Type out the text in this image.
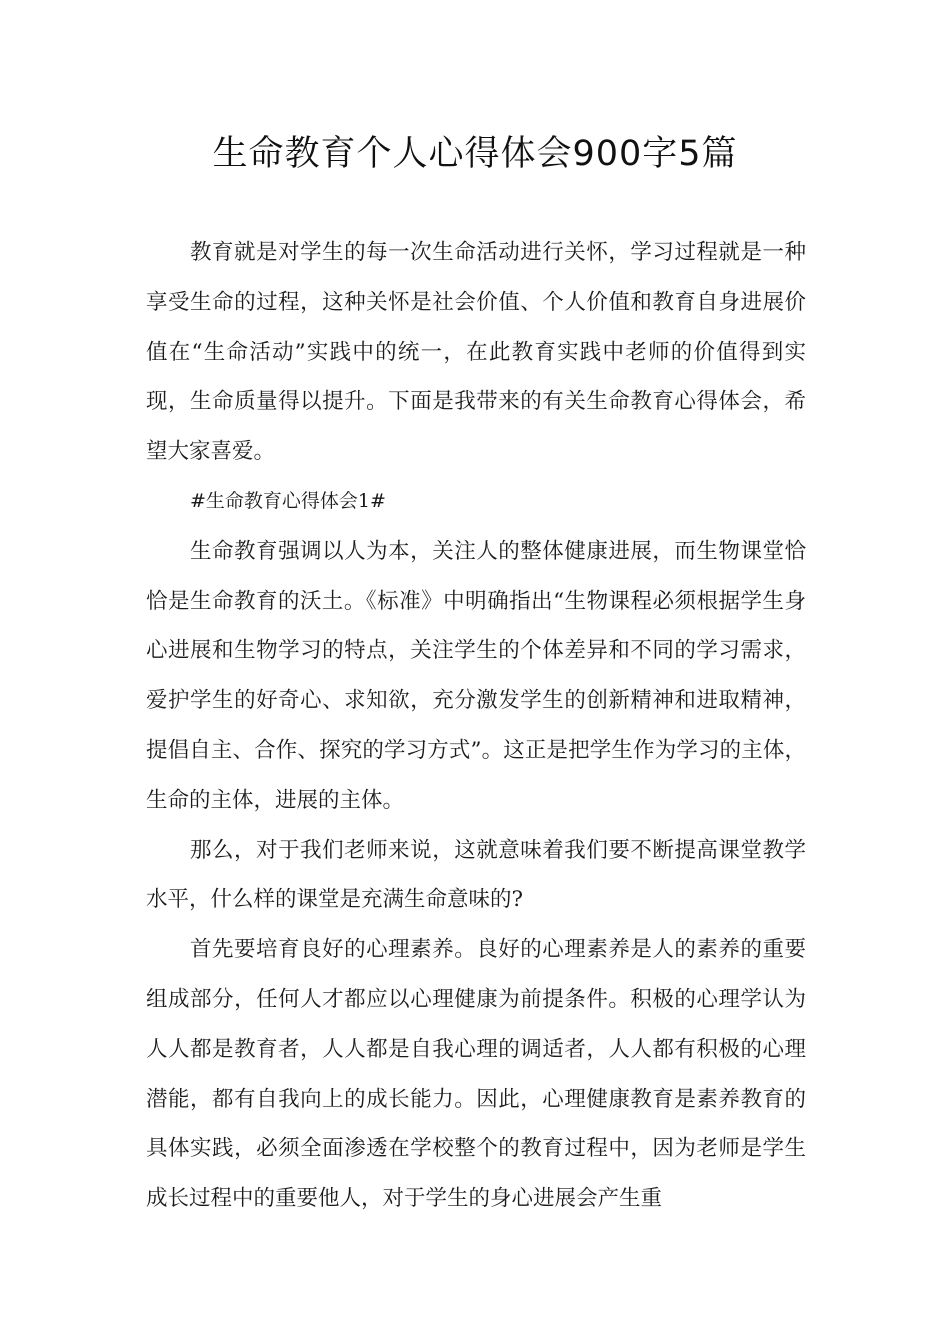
生命教育个人心得体会900字5篇

教育就是对学生的每一次生命活动进行关怀，学习过程就是一种享受生命的过程，这种关怀是社会价值、个人价值和教育自身进展价值在“生命活动”实践中的统一，在此教育实践中老师的价值得到实现，生命质量得以提升。下面是我带来的有关生命教育心得体会，希望大家喜爱。

#生命教育心得体会1#

生命教育强调以人为本，关注人的整体健康进展，而生物课堂恰恰是生命教育的沃土。《标准》中明确指出“生物课程必须根据学生身心进展和生物学习的特点，关注学生的个体差异和不同的学习需求，爱护学生的好奇心、求知欲，充分激发学生的创新精神和进取精神，提倡自主、合作、探究的学习方式”。这正是把学生作为学习的主体，生命的主体，进展的主体。

那么，对于我们老师来说，这就意味着我们要不断提高课堂教学水平，什么样的课堂是充满生命意味的?

首先要培育良好的心理素养。良好的心理素养是人的素养的重要组成部分，任何人才都应以心理健康为前提条件。积极的心理学认为人人都是教育者，人人都是自我心理的调适者，人人都有积极的心理潜能，都有自我向上的成长能力。因此，心理健康教育是素养教育的具体实践，必须全面渗透在学校整个的教育过程中，因为老师是学生成长过程中的重要他人，对于学生的身心进展会产生重
